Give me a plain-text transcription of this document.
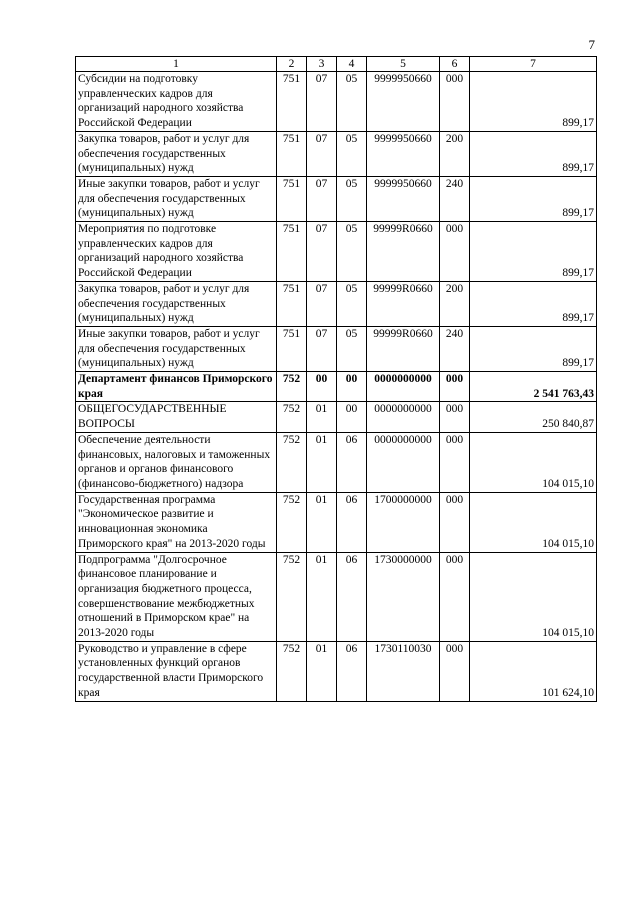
7
1	2	3	4	5	6	7
Субсидии на подготовку управленческих кадров для организаций народного хозяйства Российской Федерации	751	07	05	9999950660	000	899,17
Закупка товаров, работ и услуг для обеспечения государственных (муниципальных) нужд	751	07	05	9999950660	200	899,17
Иные закупки товаров, работ и услуг для обеспечения государственных (муниципальных) нужд	751	07	05	9999950660	240	899,17
Мероприятия по подготовке управленческих кадров для организаций народного хозяйства Российской Федерации	751	07	05	99999R0660	000	899,17
Закупка товаров, работ и услуг для обеспечения государственных (муниципальных) нужд	751	07	05	99999R0660	200	899,17
Иные закупки товаров, работ и услуг для обеспечения государственных (муниципальных) нужд	751	07	05	99999R0660	240	899,17
Департамент финансов Приморского края	752	00	00	0000000000	000	2 541 763,43
ОБЩЕГОСУДАРСТВЕННЫЕ ВОПРОСЫ	752	01	00	0000000000	000	250 840,87
Обеспечение деятельности финансовых, налоговых и таможенных органов и органов финансового (финансово-бюджетного) надзора	752	01	06	0000000000	000	104 015,10
Государственная программа "Экономическое развитие и инновационная экономика Приморского края" на 2013-2020 годы	752	01	06	1700000000	000	104 015,10
Подпрограмма "Долгосрочное финансовое планирование и организация бюджетного процесса, совершенствование межбюджетных отношений в Приморском крае" на 2013-2020 годы	752	01	06	1730000000	000	104 015,10
Руководство и управление в сфере установленных функций органов государственной власти Приморского края	752	01	06	1730110030	000	101 624,10
